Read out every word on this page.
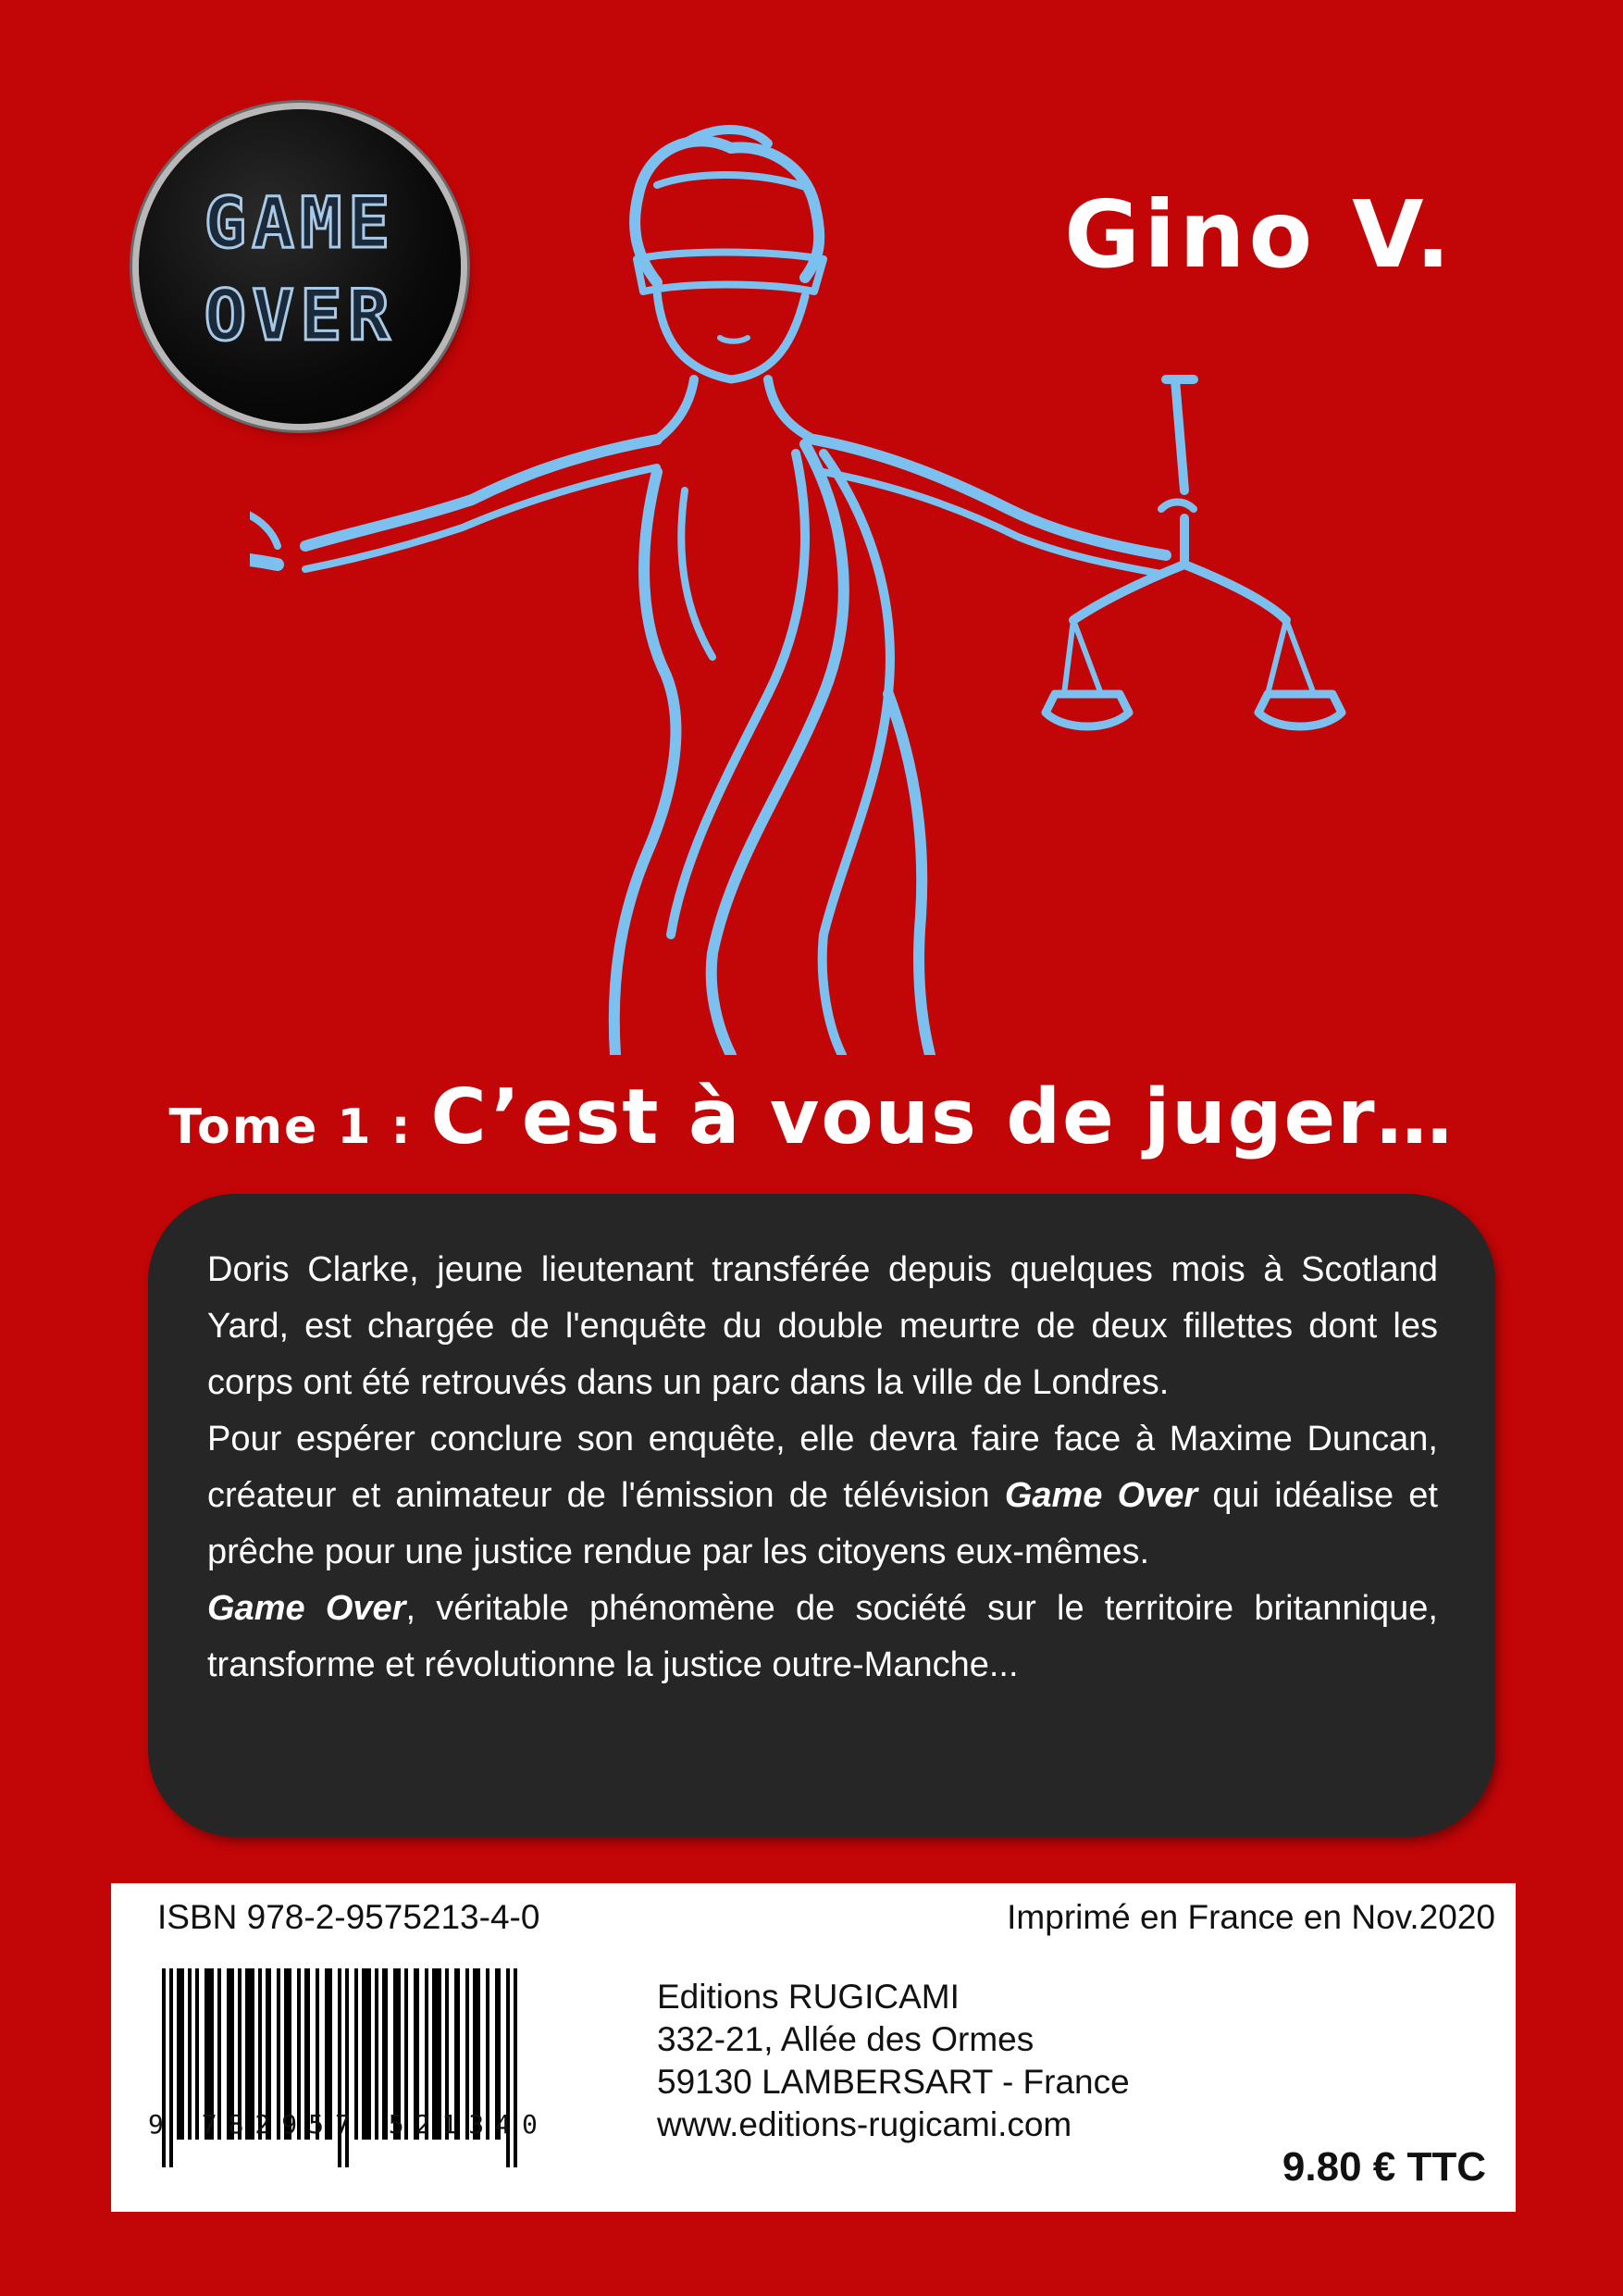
GAME
OVER
Gino V.
Tome 1 : C’est à vous de juger…

Doris Clarke, jeune lieutenant transférée depuis quelques mois à Scotland Yard, est chargée de l'enquête du double meurtre de deux fillettes dont les corps ont été retrouvés dans un parc dans la ville de Londres.

Pour espérer conclure son enquête, elle devra faire face à Maxime Duncan, créateur et animateur de l'émission de télévision Game Over qui idéalise et prêche pour une justice rendue par les citoyens eux-mêmes.

Game Over, véritable phénomène de société sur le territoire britannique, transforme et révolutionne la justice outre-Manche...

ISBN 978-2-9575213-4-0	Imprimé en France en Nov.2020
9 782957 521340
Editions RUGICAMI
332-21, Allée des Ormes
59130 LAMBERSART - France
www.editions-rugicami.com
9.80 € TTC
